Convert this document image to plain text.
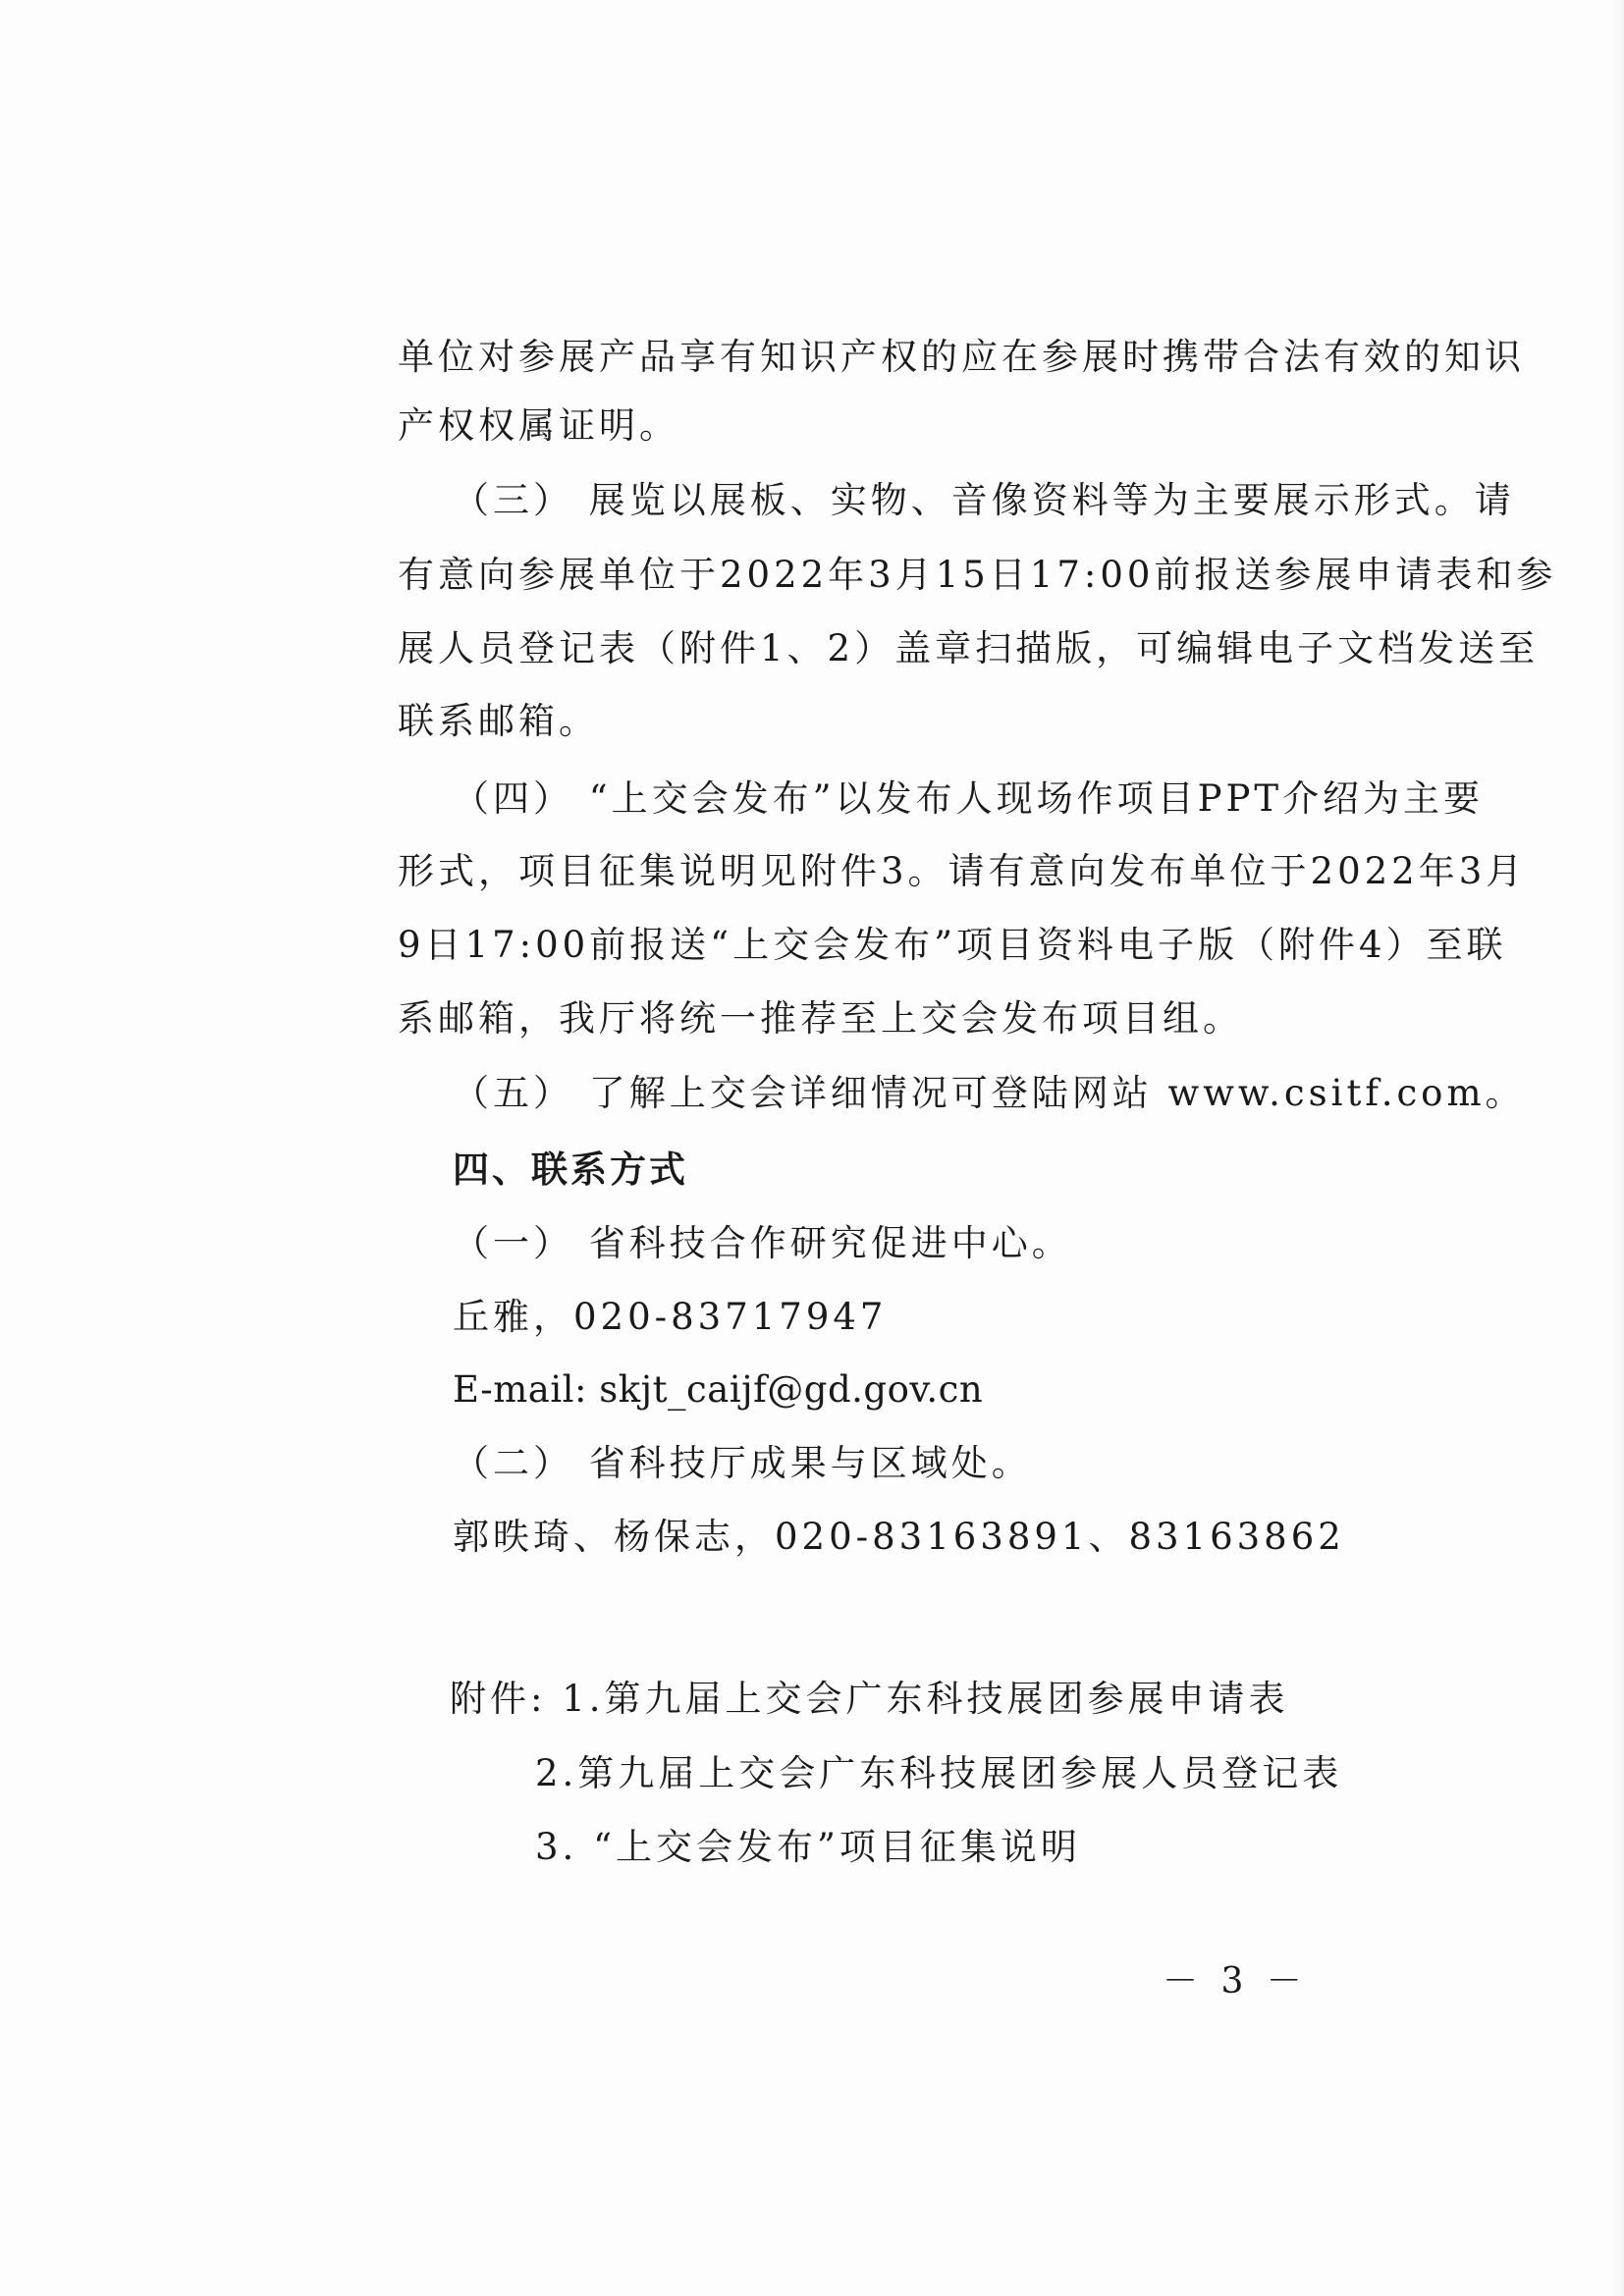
单位对参展产品享有知识产权的应在参展时携带合法有效的知识
产权权属证明。
（三） 展览以展板、实物、音像资料等为主要展示形式。请
有意向参展单位于2022年3月15日17:00前报送参展申请表和参
展人员登记表（附件1、2）盖章扫描版，可编辑电子文档发送至
联系邮箱。
（四） “上交会发布”以发布人现场作项目PPT介绍为主要
形式，项目征集说明见附件3。请有意向发布单位于2022年3月
9日17:00前报送“上交会发布”项目资料电子版（附件4）至联
系邮箱，我厅将统一推荐至上交会发布项目组。
（五） 了解上交会详细情况可登陆网站 www.csitf.com。
四、联系方式
（一） 省科技合作研究促进中心。
丘雅，020-83717947
E-mail: skjt_caijf@gd.gov.cn
（二） 省科技厅成果与区域处。
郭昳琦、杨保志，020-83163891、83163862
附件: 1.第九届上交会广东科技展团参展申请表
2.第九届上交会广东科技展团参展人员登记表
3. “上交会发布”项目征集说明
－ 3 －
